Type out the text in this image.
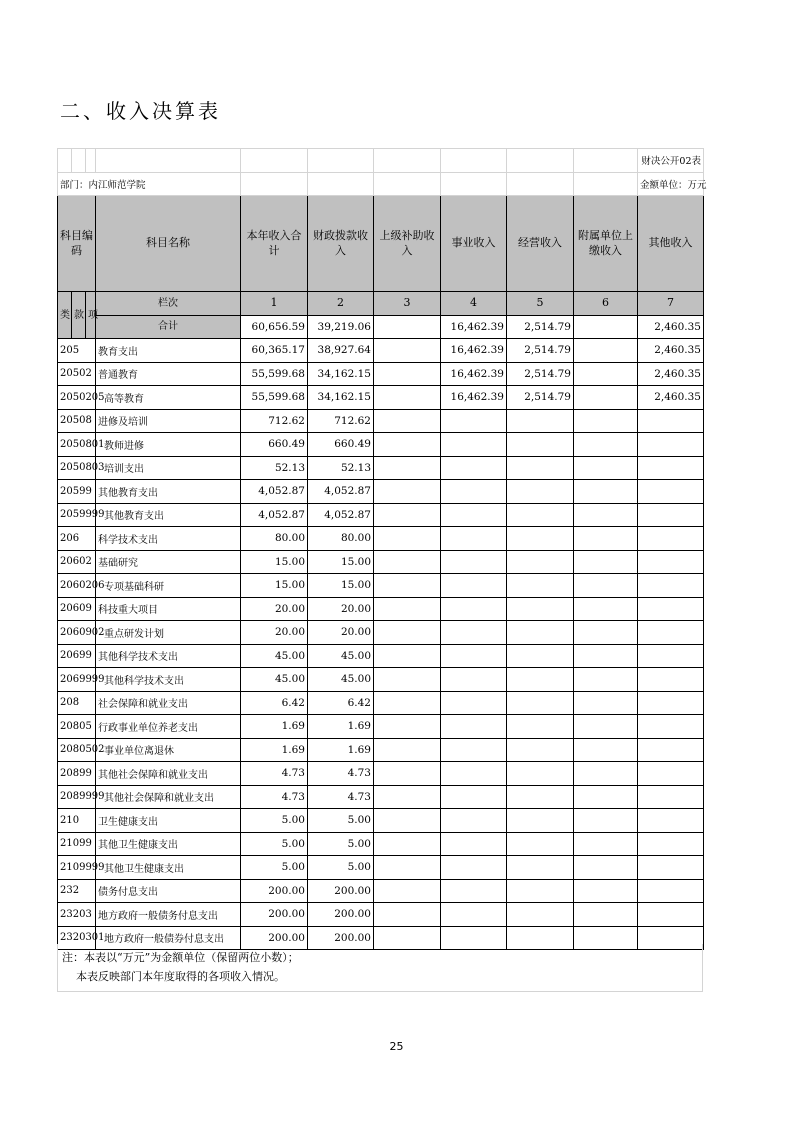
二、收入决算表
										财决公开02表
部门：内江师范学院										金额单位：万元
科目编码			科目名称	本年收入合计	财政拨款收入	上级补助收入	事业收入	经营收入	附属单位上缴收入	其他收入
类	款	项	栏次	1	2	3	4	5	6	7
			合计	60,656.59	39,219.06		16,462.39	2,514.79		2,460.35
205			教育支出	60,365.17	38,927.64		16,462.39	2,514.79		2,460.35
20502			普通教育	55,599.68	34,162.15		16,462.39	2,514.79		2,460.35
2050205			高等教育	55,599.68	34,162.15		16,462.39	2,514.79		2,460.35
20508			进修及培训	712.62	712.62					
2050801			教师进修	660.49	660.49					
2050803			培训支出	52.13	52.13					
20599			其他教育支出	4,052.87	4,052.87					
2059999			其他教育支出	4,052.87	4,052.87					
206			科学技术支出	80.00	80.00					
20602			基础研究	15.00	15.00					
2060206			专项基础科研	15.00	15.00					
20609			科技重大项目	20.00	20.00					
2060902			重点研发计划	20.00	20.00					
20699			其他科学技术支出	45.00	45.00					
2069999			其他科学技术支出	45.00	45.00					
208			社会保障和就业支出	6.42	6.42					
20805			行政事业单位养老支出	1.69	1.69					
2080502			事业单位离退休	1.69	1.69					
20899			其他社会保障和就业支出	4.73	4.73					
2089999			其他社会保障和就业支出	4.73	4.73					
210			卫生健康支出	5.00	5.00					
21099			其他卫生健康支出	5.00	5.00					
2109999			其他卫生健康支出	5.00	5.00					
232			债务付息支出	200.00	200.00					
23203			地方政府一般债务付息支出	200.00	200.00					
2320301			地方政府一般债券付息支出	200.00	200.00					
注：本表以“万元”为金额单位（保留两位小数）；
本表反映部门本年度取得的各项收入情况。
25
